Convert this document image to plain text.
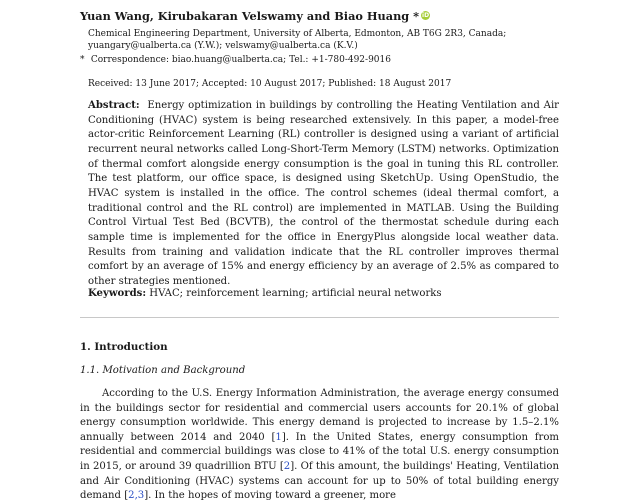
Yuan Wang, Kirubakaran Velswamy and Biao Huang * iD
Chemical Engineering Department, University of Alberta, Edmonton, AB T6G 2R3, Canada;
yuangary@ualberta.ca (Y.W.); velswamy@ualberta.ca (K.V.)
* Correspondence: biao.huang@ualberta.ca; Tel.: +1-780-492-9016
Received: 13 June 2017; Accepted: 10 August 2017; Published: 18 August 2017
Abstract: Energy optimization in buildings by controlling the Heating Ventilation and Air Conditioning (HVAC) system is being researched extensively. In this paper, a model-free actor-critic Reinforcement Learning (RL) controller is designed using a variant of artificial recurrent neural networks called Long-Short-Term Memory (LSTM) networks. Optimization of thermal comfort alongside energy consumption is the goal in tuning this RL controller. The test platform, our office space, is designed using SketchUp. Using OpenStudio, the HVAC system is installed in the office. The control schemes (ideal thermal comfort, a traditional control and the RL control) are implemented in MATLAB. Using the Building Control Virtual Test Bed (BCVTB), the control of the thermostat schedule during each sample time is implemented for the office in EnergyPlus alongside local weather data. Results from training and validation indicate that the RL controller improves thermal comfort by an average of 15% and energy efficiency by an average of 2.5% as compared to other strategies mentioned.
Keywords: HVAC; reinforcement learning; artificial neural networks
1. Introduction
1.1. Motivation and Background

According to the U.S. Energy Information Administration, the average energy consumed in the buildings sector for residential and commercial users accounts for 20.1% of global energy consumption worldwide. This energy demand is projected to increase by 1.5–2.1% annually between 2014 and 2040 [1]. In the United States, energy consumption from residential and commercial buildings was close to 41% of the total U.S. energy consumption in 2015, or around 39 quadrillion BTU [2]. Of this amount, the buildings' Heating, Ventilation and Air Conditioning (HVAC) systems can account for up to 50% of total building energy demand [2,3]. In the hopes of moving toward a greener, more
